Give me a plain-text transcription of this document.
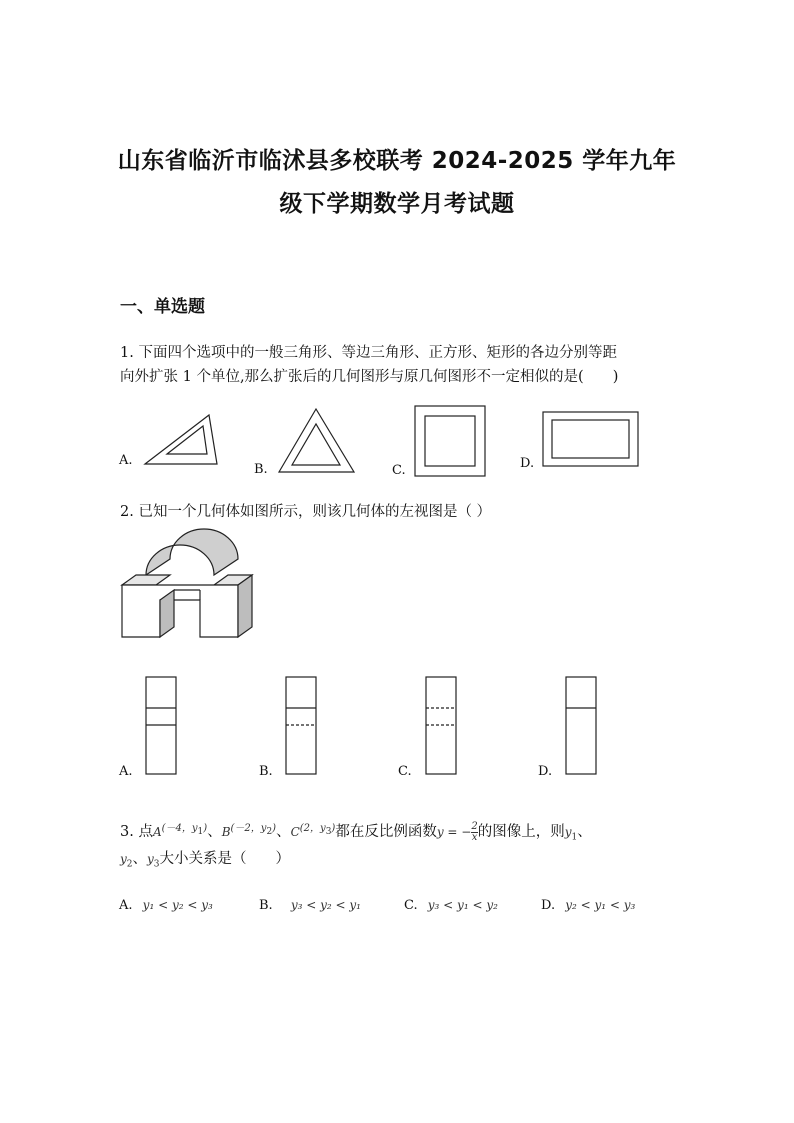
山东省临沂市临沭县多校联考 2024-2025 学年九年
级下学期数学月考试题
一、单选题
1. 下面四个选项中的一般三角形、等边三角形、正方形、矩形的各边分别等距
向外扩张 1 个单位,那么扩张后的几何图形与原几何图形不一定相似的是(　　)
A.
B.	C.	D.
2. 已知一个几何体如图所示，则该几何体的左视图是（ ）
A.	B.	C.	D.
3. 点$A^{(-4,y_1)}$、$B^{(-2,y_2)}$、$C^{(2,y_3)}$都在反比例函数y = − $\frac{2}{x}$ 的图像上，则$y_1$、
$y_2$、$y_3$大小关系是（　　）
A. y₁ < y₂ < y₃	B. y₃ < y₂ < y₁	C. y₃ < y₁ < y₂	D. y₂ < y₁ < y₃
